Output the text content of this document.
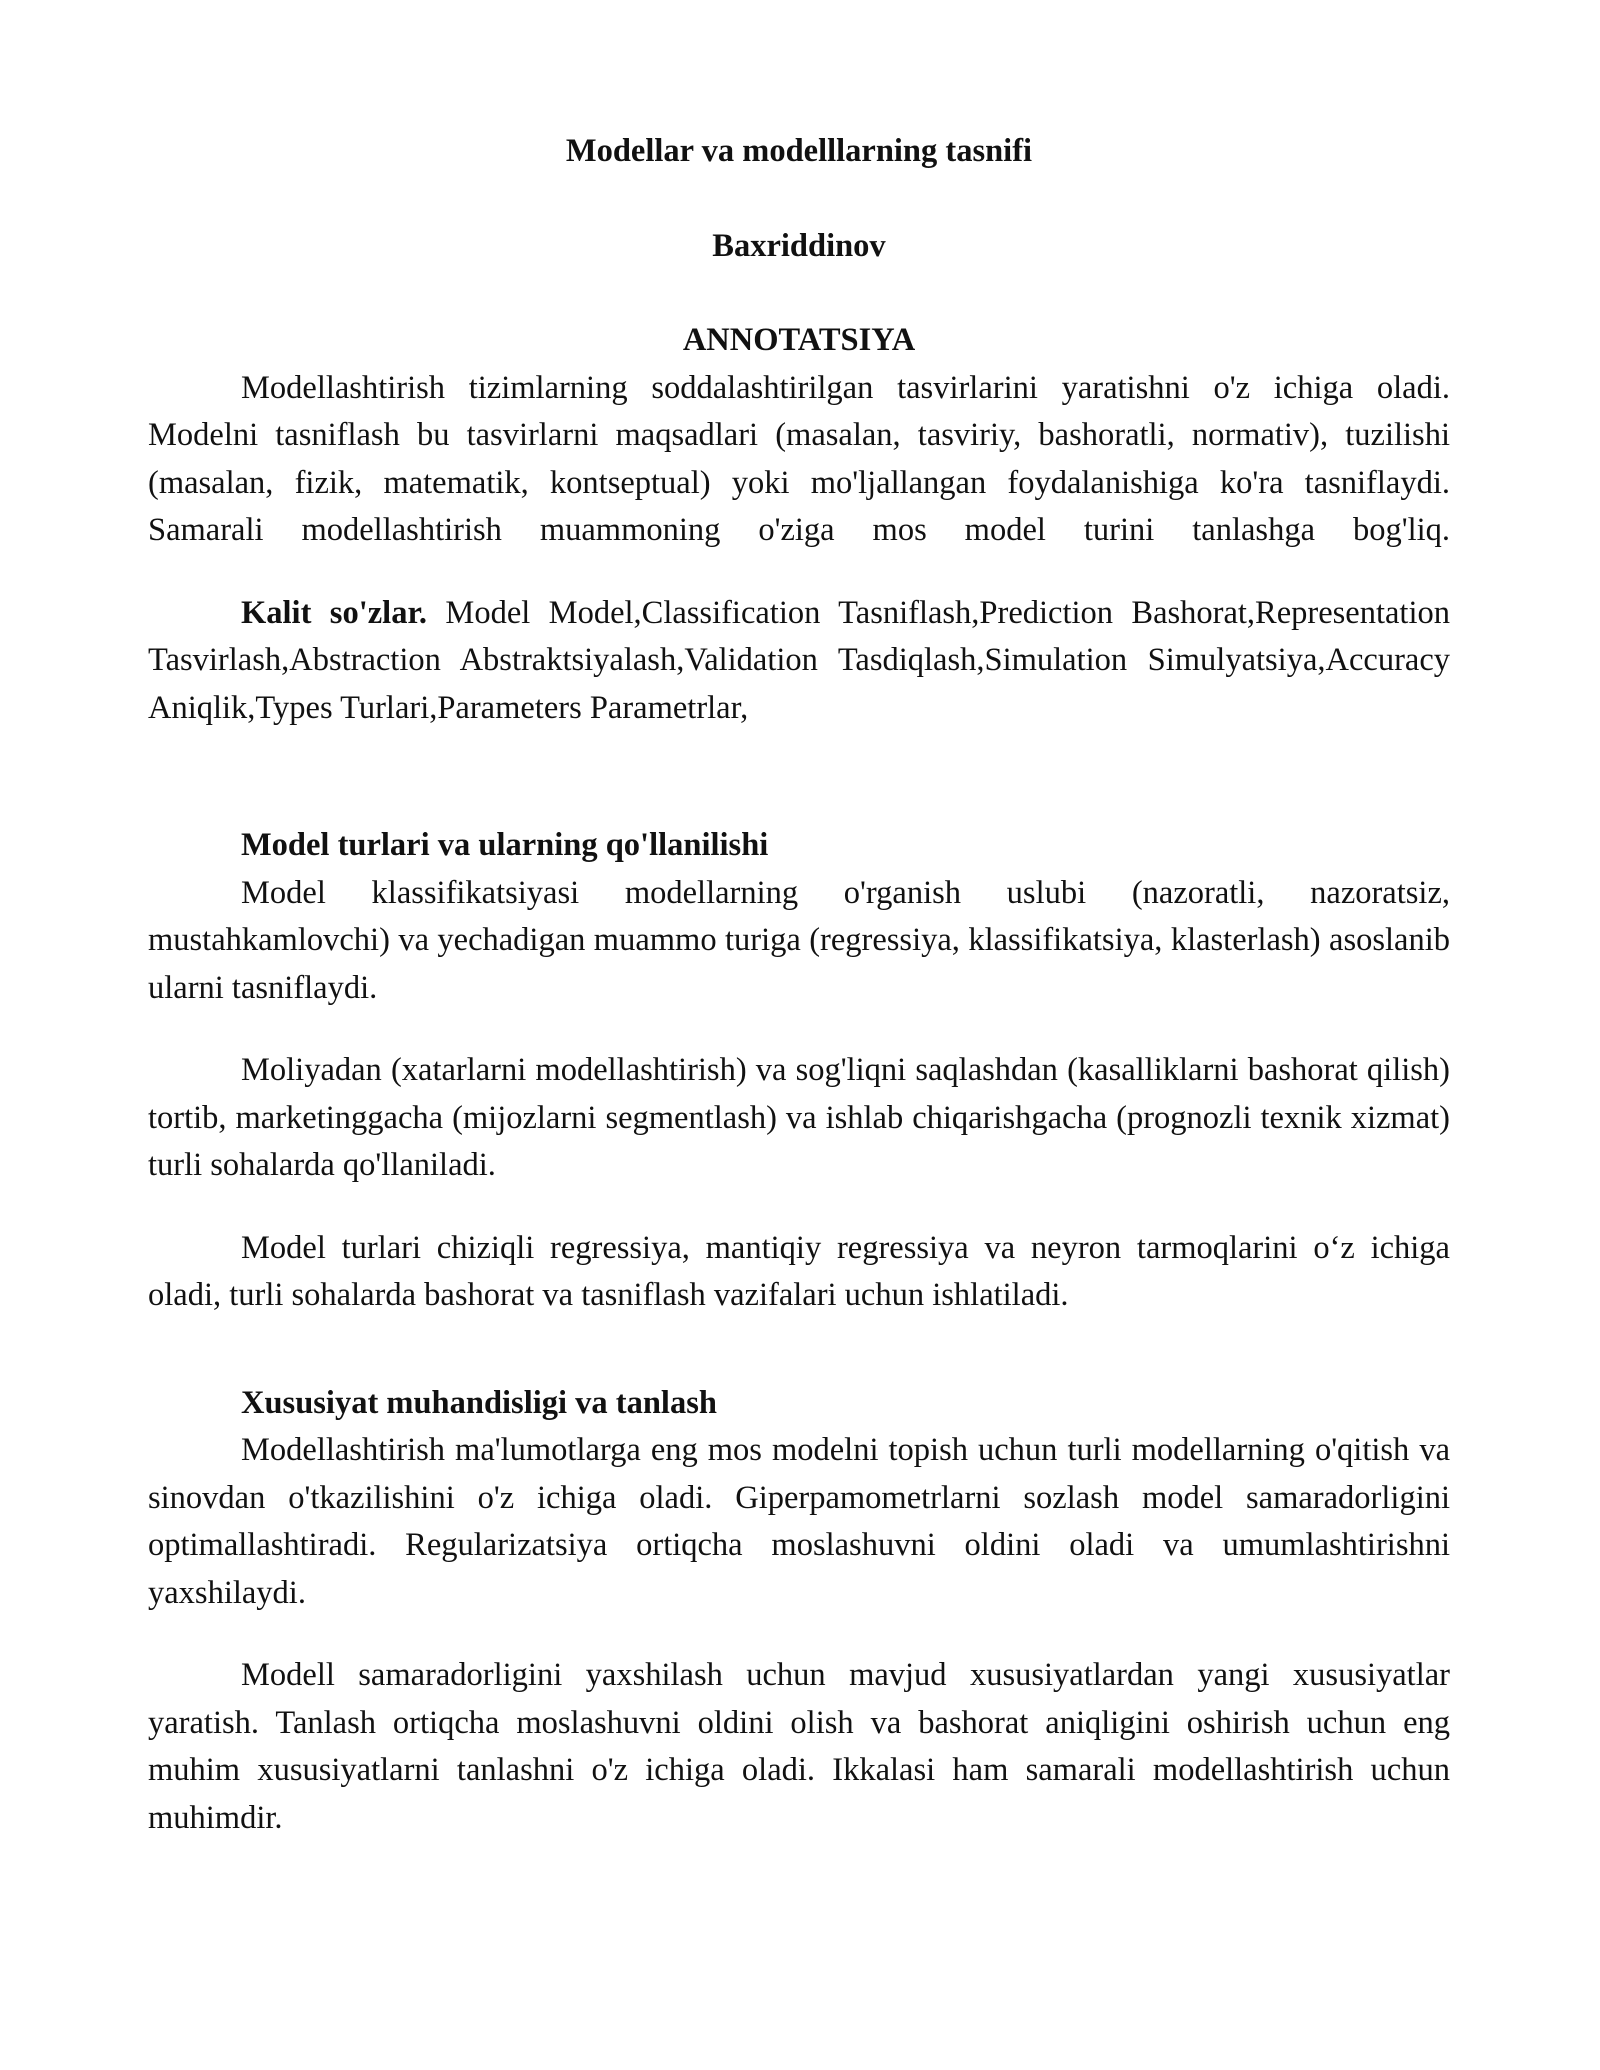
Modellar va modelllarning tasnifi
Baxriddinov
ANNOTATSIYA

Modellashtirish tizimlarning soddalashtirilgan tasvirlarini yaratishni o'z ichiga oladi. Modelni tasniflash bu tasvirlarni maqsadlari (masalan, tasviriy, bashoratli, normativ), tuzilishi (masalan, fizik, matematik, kontseptual) yoki mo'ljallangan foydalanishiga ko'ra tasniflaydi. Samarali modellashtirish muammoning o'ziga mos model turini tanlashga bog'liq.

Kalit so'zlar. Model Model,Classification Tasniflash,Prediction Bashorat,Representation Tasvirlash,Abstraction Abstraktsiyalash,Validation Tasdiqlash,Simulation Simulyatsiya,Accuracy Aniqlik,Types Turlari,Parameters Parametrlar,

Model turlari va ularning qo'llanilishi

Model klassifikatsiyasi modellarning o'rganish uslubi (nazoratli, nazoratsiz, mustahkamlovchi) va yechadigan muammo turiga (regressiya, klassifikatsiya, klasterlash) asoslanib ularni tasniflaydi.

Moliyadan (xatarlarni modellashtirish) va sog'liqni saqlashdan (kasalliklarni bashorat qilish) tortib, marketinggacha (mijozlarni segmentlash) va ishlab chiqarishgacha (prognozli texnik xizmat) turli sohalarda qo'llaniladi.

Model turlari chiziqli regressiya, mantiqiy regressiya va neyron tarmoqlarini o‘z ichiga oladi, turli sohalarda bashorat va tasniflash vazifalari uchun ishlatiladi.

Xususiyat muhandisligi va tanlash

Modellashtirish ma'lumotlarga eng mos modelni topish uchun turli modellarning o'qitish va sinovdan o'tkazilishini o'z ichiga oladi. Giperpamometrlarni sozlash model samaradorligini optimallashtiradi. Regularizatsiya ortiqcha moslashuvni oldini oladi va umumlashtirishni yaxshilaydi.

Modell samaradorligini yaxshilash uchun mavjud xususiyatlardan yangi xususiyatlar yaratish. Tanlash ortiqcha moslashuvni oldini olish va bashorat aniqligini oshirish uchun eng muhim xususiyatlarni tanlashni o'z ichiga oladi. Ikkalasi ham samarali modellashtirish uchun muhimdir.
